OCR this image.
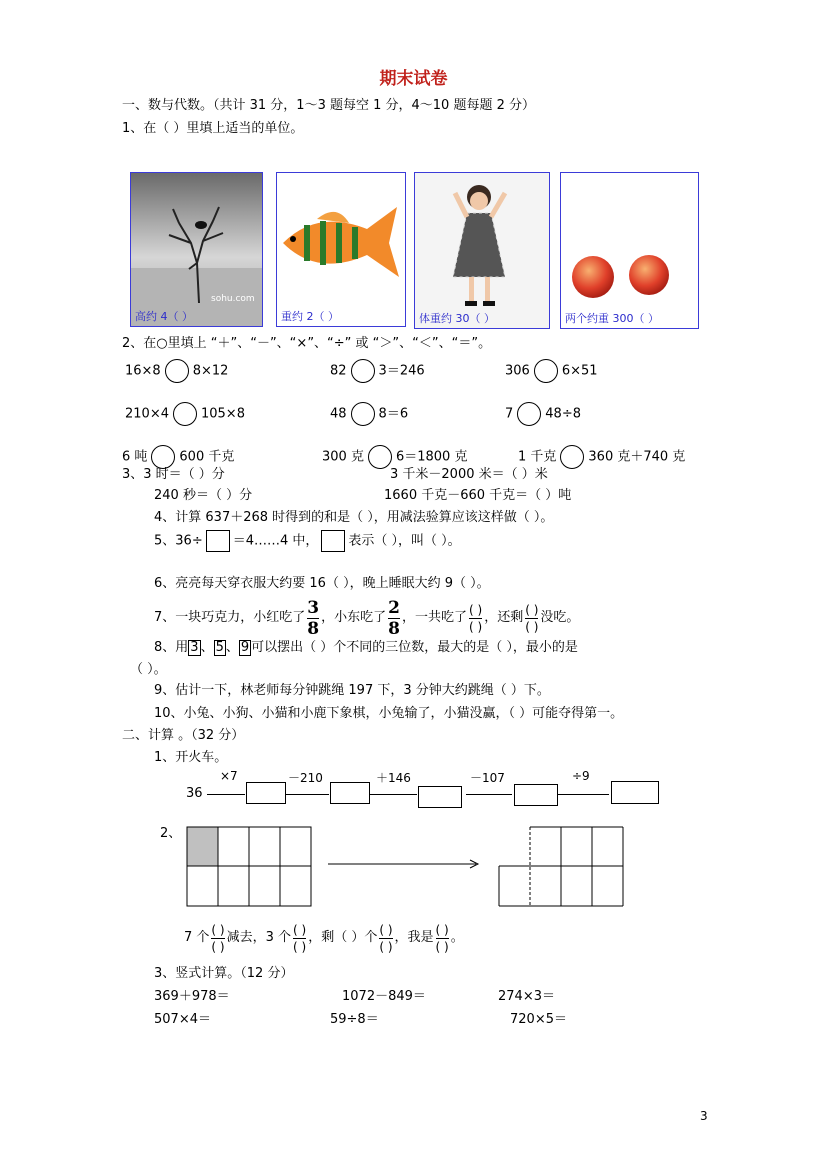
期末试卷
一、数与代数。（共计 31 分，1～3 题每空 1 分，4～10 题每题 2 分）
1、在（ ）里填上适当的单位。
sohu.com
高约 4（ ）	重约 2（ ）	体重约 30（ ）	两个约重 300（ ）
2、在○里填上 “＋”、“－”、“×”、“÷” 或 “＞”、“＜”、“＝”。
16×8 8×12	82 3＝246	306 6×51
210×4 105×8	48 8＝6	7 48÷8
6 吨 600 千克	300 克 6＝1800 克	1 千克 360 克＋740 克
3、3 时＝（ ）分	3 千米－2000 米＝（ ）米
240 秒＝（ ）分	1660 千克－660 千克＝（ ）吨
4、计算 637＋268 时得到的和是（ ），用减法验算应该这样做（ ）。
5、36÷ ＝4……4 中， 表示（ ），叫（ ）。
6、亮亮每天穿衣服大约要 16（ ），晚上睡眠大约 9（ ）。
7、一块巧克力，小红吃了 $\frac{3}{8}$ ，小东吃了 $\frac{2}{8}$ ，一共吃了 $\frac{( )}{( )}$ ，还剩 $\frac{( )}{( )}$ 没吃。
8、用 3 、 5 、 9 可以摆出（ ）个不同的三位数，最大的是（ ），最小的是
（ ）。
9、估计一下，林老师每分钟跳绳 197 下，3 分钟大约跳绳（ ）下。
10、小兔、小狗、小猫和小鹿下象棋，小兔输了，小猫没赢，（ ）可能夺得第一。
二、计算 。（32 分）
1、开火车。
36
×7	－210	＋146	－107	÷9
2、
7 个 $\frac{( )}{( )}$ 减去，3 个 $\frac{( )}{( )}$ ，剩（ ）个 $\frac{( )}{( )}$ ，我是 $\frac{( )}{( )}$ 。
3、竖式计算。（12 分）
369＋978＝	1072－849＝	274×3＝
507×4＝	59÷8＝	720×5＝
3
